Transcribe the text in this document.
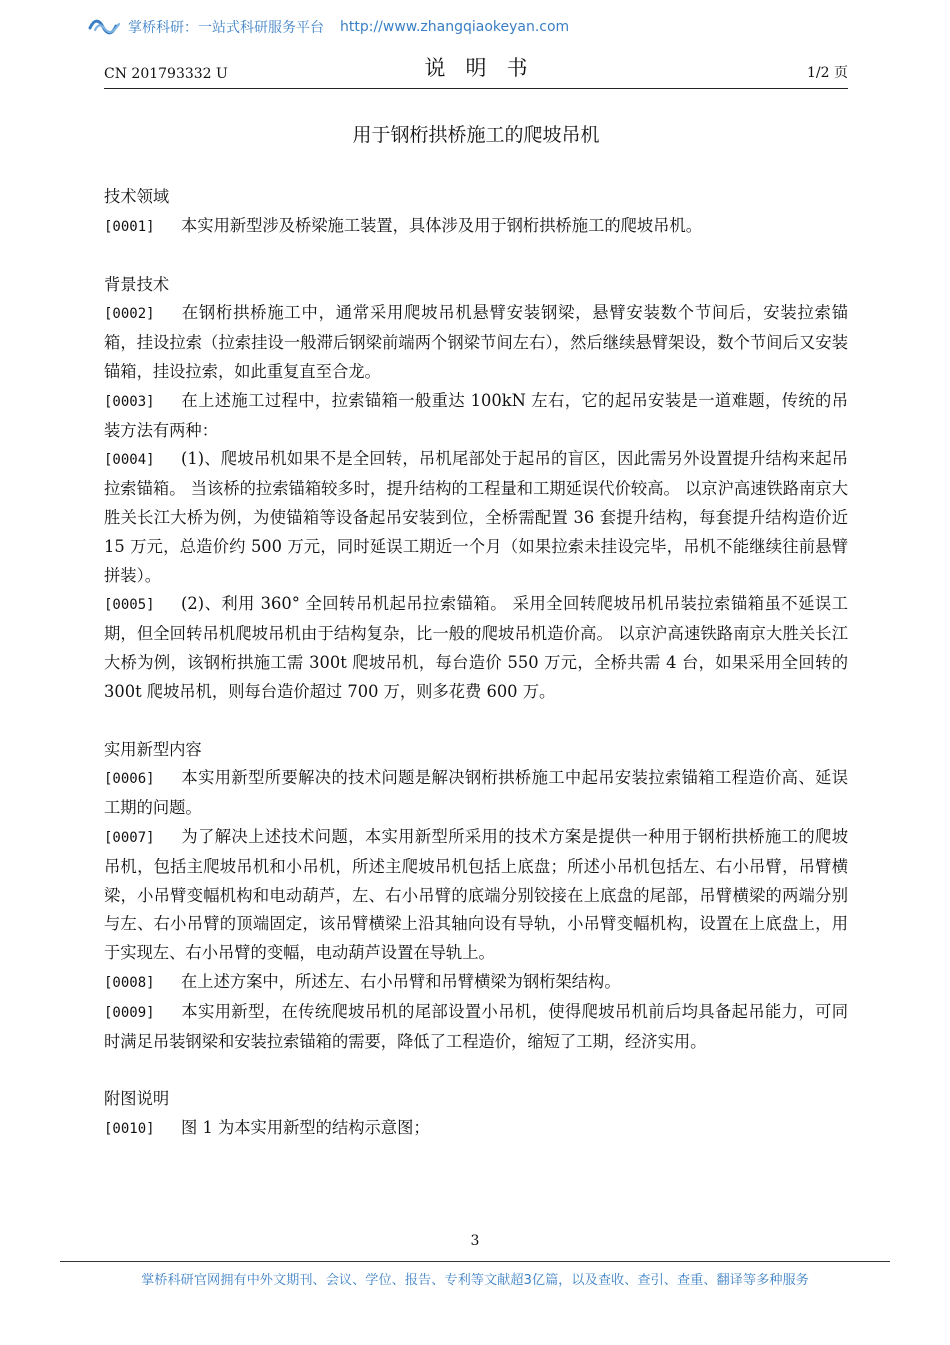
掌桥科研：一站式科研服务平台 http://www.zhangqiaokeyan.com
CN 201793332 U	说明书	1/2 页
用于钢桁拱桥施工的爬坡吊机
技术领域

[0001] 本实用新型涉及桥梁施工装置，具体涉及用于钢桁拱桥施工的爬坡吊机。

背景技术

[0002] 在钢桁拱桥施工中，通常采用爬坡吊机悬臂安装钢梁，悬臂安装数个节间后，安装拉索锚箱，挂设拉索（拉索挂设一般滞后钢梁前端两个钢梁节间左右），然后继续悬臂架设，数个节间后又安装锚箱，挂设拉索，如此重复直至合龙。

[0003] 在上述施工过程中，拉索锚箱一般重达 100kN 左右，它的起吊安装是一道难题，传统的吊装方法有两种：

[0004] (1)、爬坡吊机如果不是全回转，吊机尾部处于起吊的盲区，因此需另外设置提升结构来起吊拉索锚箱。 当该桥的拉索锚箱较多时，提升结构的工程量和工期延误代价较高。 以京沪高速铁路南京大胜关长江大桥为例，为使锚箱等设备起吊安装到位，全桥需配置 36 套提升结构，每套提升结构造价近 15 万元，总造价约 500 万元，同时延误工期近一个月（如果拉索未挂设完毕，吊机不能继续往前悬臂拼装）。

[0005] (2)、利用 360° 全回转吊机起吊拉索锚箱。 采用全回转爬坡吊机吊装拉索锚箱虽不延误工期，但全回转吊机爬坡吊机由于结构复杂，比一般的爬坡吊机造价高。 以京沪高速铁路南京大胜关长江大桥为例，该钢桁拱施工需 300t 爬坡吊机，每台造价 550 万元，全桥共需 4 台，如果采用全回转的 300t 爬坡吊机，则每台造价超过 700 万，则多花费 600 万。

实用新型内容

[0006] 本实用新型所要解决的技术问题是解决钢桁拱桥施工中起吊安装拉索锚箱工程造价高、延误工期的问题。

[0007] 为了解决上述技术问题，本实用新型所采用的技术方案是提供一种用于钢桁拱桥施工的爬坡吊机，包括主爬坡吊机和小吊机，所述主爬坡吊机包括上底盘；所述小吊机包括左、右小吊臂，吊臂横梁，小吊臂变幅机构和电动葫芦，左、右小吊臂的底端分别铰接在上底盘的尾部，吊臂横梁的两端分别与左、右小吊臂的顶端固定，该吊臂横梁上沿其轴向设有导轨，小吊臂变幅机构，设置在上底盘上，用于实现左、右小吊臂的变幅，电动葫芦设置在导轨上。

[0008] 在上述方案中，所述左、右小吊臂和吊臂横梁为钢桁架结构。

[0009] 本实用新型，在传统爬坡吊机的尾部设置小吊机，使得爬坡吊机前后均具备起吊能力，可同时满足吊装钢梁和安装拉索锚箱的需要，降低了工程造价，缩短了工期，经济实用。

附图说明

[0010] 图 1 为本实用新型的结构示意图；

3
掌桥科研官网拥有中外文期刊、会议、学位、报告、专利等文献超3亿篇，以及查收、查引、查重、翻译等多种服务
